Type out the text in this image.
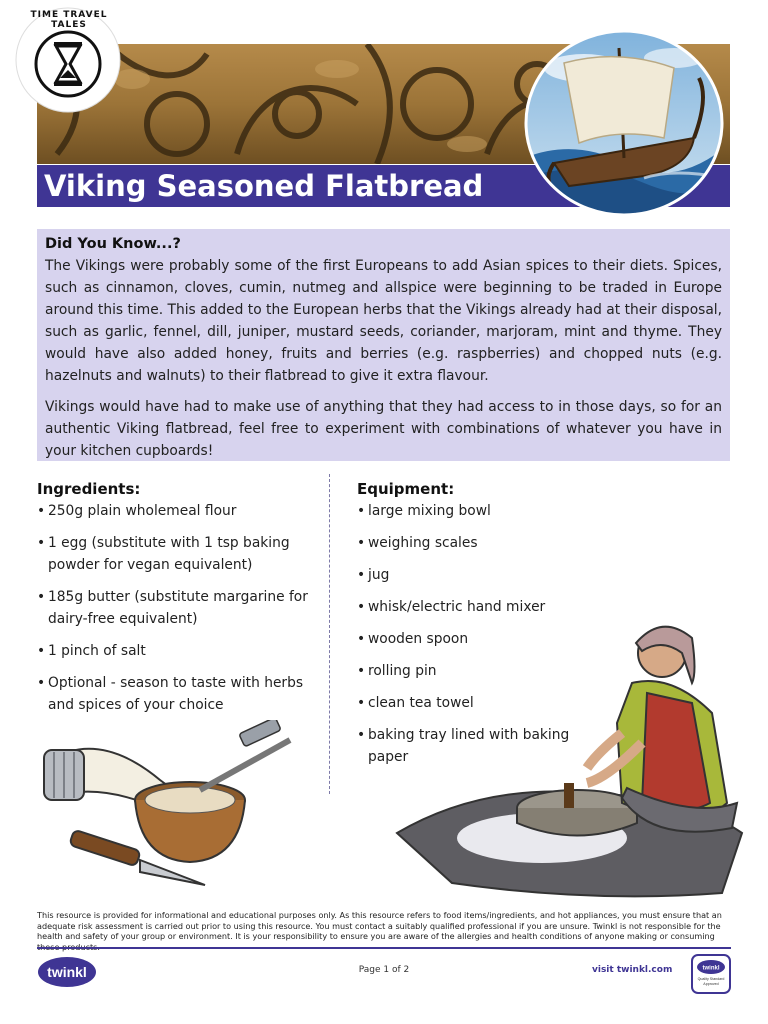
Viking Seasoned Flatbread
TIME TRAVEL TALES
Did You Know...?

The Vikings were probably some of the first Europeans to add Asian spices to their diets. Spices, such as cinnamon, cloves, cumin, nutmeg and allspice were beginning to be traded in Europe around this time. This added to the European herbs that the Vikings already had at their disposal, such as garlic, fennel, dill, juniper, mustard seeds, coriander, marjoram, mint and thyme. They would have also added honey, fruits and berries (e.g. raspberries) and chopped nuts (e.g. hazelnuts and walnuts) to their flatbread to give it extra flavour.

Vikings would have had to make use of anything that they had access to in those days, so for an authentic Viking flatbread, feel free to experiment with combinations of whatever you have in your kitchen cupboards!

Ingredients:
• 250g plain wholemeal flour
• 1 egg (substitute with 1 tsp baking powder for vegan equivalent)
• 185g butter (substitute margarine for dairy-free equivalent)
• 1 pinch of salt
• Optional - season to taste with herbs and spices of your choice
Equipment:
• large mixing bowl
• weighing scales
• jug
• whisk/electric hand mixer
• wooden spoon
• rolling pin
• clean tea towel
• baking tray lined with baking paper
This resource is provided for informational and educational purposes only. As this resource refers to food items/ingredients, and hot appliances, you must ensure that an adequate risk assessment is carried out prior to using this resource. You must contact a suitably qualified professional if you are unsure. Twinkl is not responsible for the health and safety of your group or environment. It is your responsibility to ensure you are aware of the allergies and health conditions of anyone making or consuming
twinkl	Page 1 of 2	visit twinkl.com	twinkl
Quality Standard
Approved
